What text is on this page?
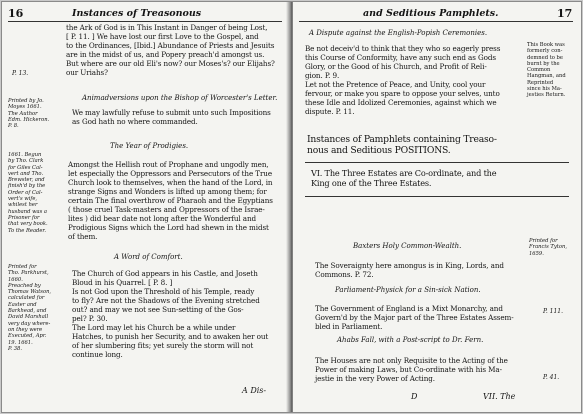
16	Instances of Treasonous
the Ark of God is in This Instant in Danger of being Lost,
[ P. 11. ] We have lost our first Love to the Gospel, and
to the Ordinances, [Ibid.] Abundance of Priests and Jesuits
are in the midst of us, and Popery preach'd amongst us.
But where are our old Eli's now? our Moses's? our Elijahs?
our Uriahs?
P. 13.
Animadversions upon the Bishop of Worcester's Letter.
We may lawfully refuse to submit unto such Impositions
as God hath no where commanded.
Printed by Jo.
Moyes 1661.
The Author
Edm. Hickeron.
P. 8.
The Year of Prodigies.
Amongst the Hellish rout of Prophane and ungodly men,
let especially the Oppressors and Persecutors of the True
Church look to themselves, when the hand of the Lord, in
strange Signs and Wonders is lifted up among them; for
certain The final overthrow of Pharaoh and the Egyptians
( those cruel Task-masters and Oppressors of the Israe-
lites ) did bear date not long after the Wonderful and
Prodigious Signs which the Lord had shewn in the midst
of them.
1661. Begun
by Tho. Clark
for Giles Cal-
vert and Tho.
Brewster, and
finish'd by the
Order of Cal-
vert's wife,
whilest her
husband was a
Prisoner for
that very book.
To the Reader.
A Word of Comfort.
The Church of God appears in his Castle, and Joseth
Bloud in his Quarrel. [ P. 8. ]
Is not God upon the Threshold of his Temple, ready
to fly? Are not the Shadows of the Evening stretched
out? and may we not see Sun-setting of the Gos-
pel? P. 30.
The Lord may let his Church be a while under
Hatches, to punish her Security, and to awaken her out
of her slumbering fits; yet surely the storm will not
continue long.
Printed for
Tho. Parkhurst,
1660.
Preached by
Thomas Watson,
calculated for
Easter and
Barkhead, and
David Marshall
very day where-
on they were
Executed, Apr.
19. 1661.
P. 38.
A Dis-
and Seditious Pamphlets.	17
A Dispute against the English-Popish Ceremonies.
Be not deceiv'd to think that they who so eagerly press
this Course of Conformity, have any such end as Gods
Glory, or the Good of his Church, and Profit of Reli-
gion. P. 9.
Let not the Pretence of Peace, and Unity, cool your
fervour, or make you spare to oppose your selves, unto
these Idle and Idolized Ceremonies, against which we
dispute. P. 11.
This Book was
formerly con-
demned to be
burnt by the
Common
Hangman, and
Reprinted
since his Ma-
jesties Return.
Instances of Pamphlets containing Treaso-
nous and Seditious POSITIONS.
VI. The Three Estates are Co-ordinate, and the
King one of the Three Estates.
Baxters Holy Common-Wealth.
Printed for
Francis Tyton,
1659.
The Soveraignty here amongus is in King, Lords, and
Commons. P. 72.
Parliament-Physick for a Sin-sick Nation.
The Government of England is a Mixt Monarchy, and
Govern'd by the Major part of the Three Estates Assem-
bled in Parliament.
P. 111.
Ahabs Fall, with a Post-script to Dr. Fern.
The Houses are not only Requisite to the Acting of the
Power of making Laws, but Co-ordinate with his Ma-
jestie in the very Power of Acting.	P. 41.
D	VII. The
